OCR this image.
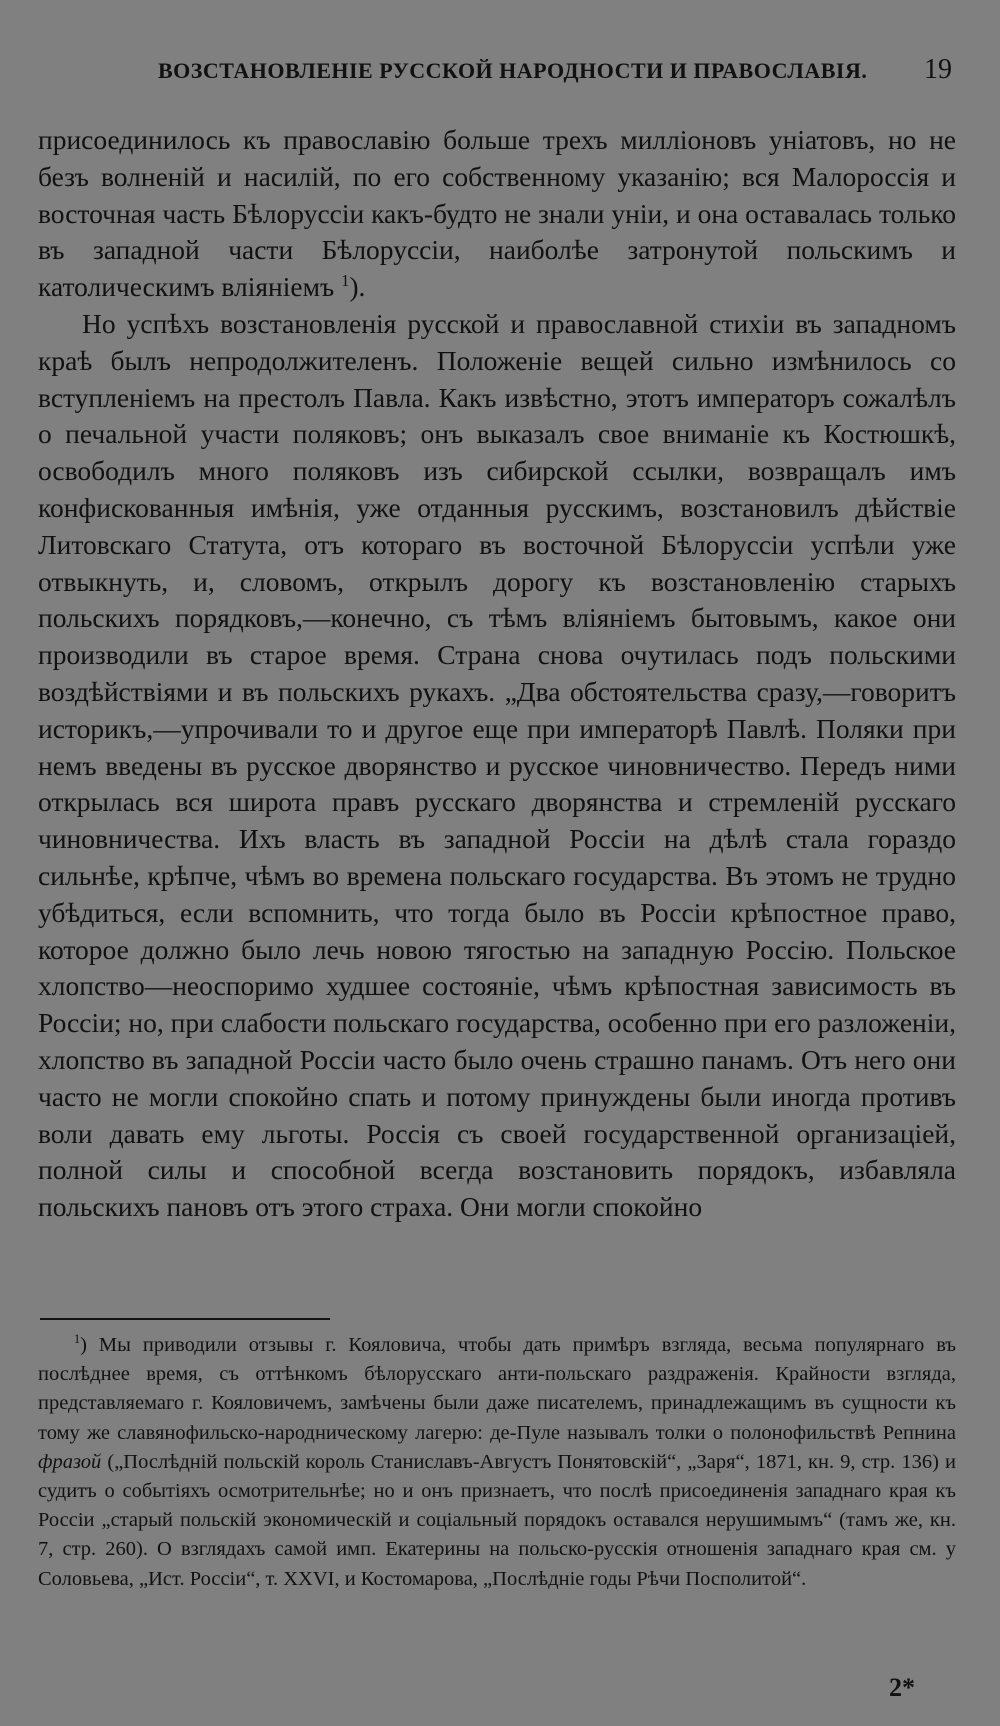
ВОЗСТАНОВЛЕНІЕ РУССКОЙ НАРОДНОСТИ И ПРАВОСЛАВІЯ. 19

присоединилось къ православію больше трехъ милліоновъ уніатовъ, но не безъ волненій и насилій, по его собственному указанію; вся Малороссія и восточная часть Бѣлоруссіи какъ-будто не знали уніи, и она оставалась только въ западной части Бѣлоруссіи, наиболѣе затронутой польскимъ и католическимъ вліяніемъ $^1$).

Но успѣхъ возстановленія русской и православной стихіи въ западномъ краѣ былъ непродолжителенъ. Положеніе вещей сильно измѣнилось со вступленіемъ на престолъ Павла. Какъ извѣстно, этотъ императоръ сожалѣлъ о печальной участи поляковъ; онъ выказалъ свое вниманіе къ Костюшкѣ, освободилъ много поляковъ изъ сибирской ссылки, возвращалъ имъ конфискованныя имѣнія, уже отданныя русскимъ, возстановилъ дѣйствіе Литовскаго Статута, отъ котораго въ восточной Бѣлоруссіи успѣли уже отвыкнуть, и, словомъ, открылъ дорогу къ возстановленію старыхъ польскихъ порядковъ,—конечно, съ тѣмъ вліяніемъ бытовымъ, какое они производили въ старое время. Страна снова очутилась подъ польскими воздѣйствіями и въ польскихъ рукахъ. „Два обстоятельства сразу,—говоритъ историкъ,—упрочивали то и другое еще при императорѣ Павлѣ. Поляки при немъ введены въ русское дворянство и русское чиновничество. Передъ ними открылась вся широта правъ русскаго дворянства и стремленій русскаго чиновничества. Ихъ власть въ западной Россіи на дѣлѣ стала гораздо сильнѣе, крѣпче, чѣмъ во времена польскаго государства. Въ этомъ не трудно убѣдиться, если вспомнить, что тогда было въ Россіи крѣпостное право, которое должно было лечь новою тягостью на западную Россію. Польское хлопство—неоспоримо худшее состояніе, чѣмъ крѣпостная зависимость въ Россіи; но, при слабости польскаго государства, особенно при его разложеніи, хлопство въ западной Россіи часто было очень страшно панамъ. Отъ него они часто не могли спокойно спать и потому принуждены были иногда противъ воли давать ему льготы. Россія съ своей государственной организаціей, полной силы и способной всегда возстановить порядокъ, избавляла польскихъ пановъ отъ этого страха. Они могли спокойно

$^1$) Мы приводили отзывы г. Кояловича, чтобы дать примѣръ взгляда, весьма популярнаго въ послѣднее время, съ оттѣнкомъ бѣлорусскаго анти-польскаго раздраженія. Крайности взгляда, представляемаго г. Кояловичемъ, замѣчены были даже писателемъ, принадлежащимъ въ сущности къ тому же славянофильско-народническому лагерю: де-Пуле называлъ толки о полонофильствѣ Репнина фразой („Послѣдній польскій король Станиславъ-Августъ Понятовскій“, „Заря“, 1871, кн. 9, стр. 136) и судитъ о событіяхъ осмотрительнѣе; но и онъ признаетъ, что послѣ присоединенія западнаго края къ Россіи „старый польскій экономическій и соціальный порядокъ оставался нерушимымъ“ (тамъ же, кн. 7, стр. 260). О взглядахъ самой имп. Екатерины на польско-русскія отношенія западнаго края см. у Соловьева, „Ист. Россіи“, т. XXVI, и Костомарова, „Послѣдніе годы Рѣчи Посполитой“.

2*
